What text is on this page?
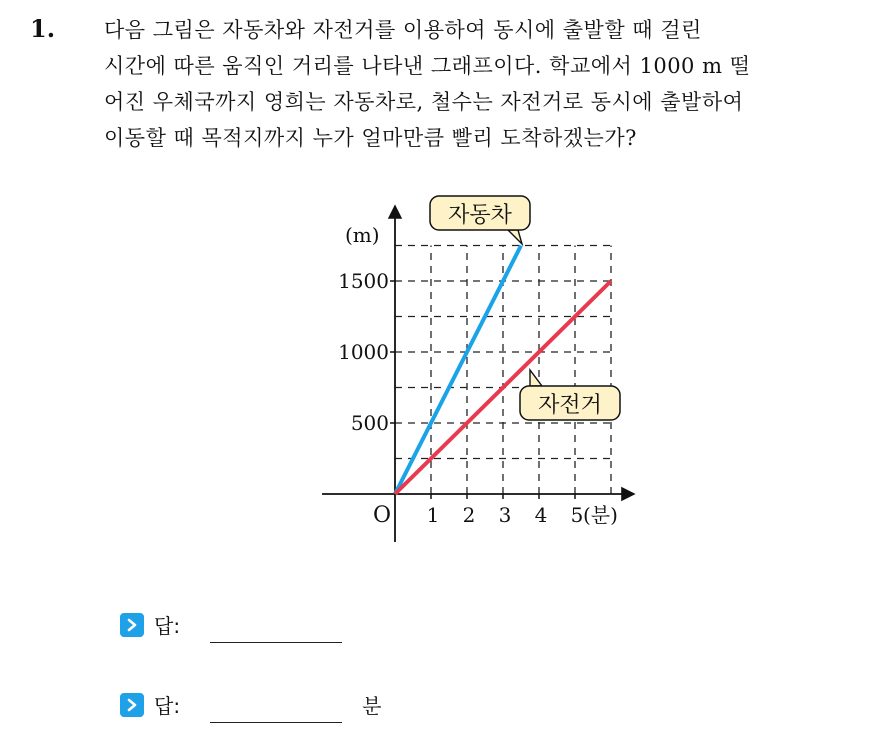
1. 다음 그림은 자동차와 자전거를 이용하여 동시에 출발할 때 걸린
시간에 따른 움직인 거리를 나타낸 그래프이다. 학교에서 1000 m 떨
어진 우체국까지 영희는 자동차로, 철수는 자전거로 동시에 출발하여
이동할 때 목적지까지 누가 얼마만큼 빨리 도착하겠는가?
500
1000
1500
1 2 3 4 5
O
(m)
(분)
자동차
자전거
답:
답:	분
